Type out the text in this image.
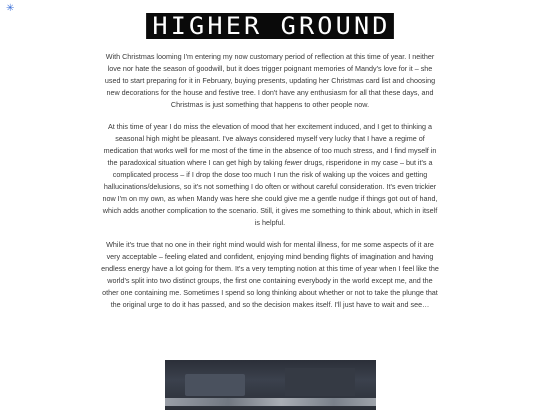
✳
HIGHER GROUND

With Christmas looming I'm entering my now customary period of reflection at this time of year. I neither love nor hate the season of goodwill, but it does trigger poignant memories of Mandy's love for it – she used to start preparing for it in February, buying presents, updating her Christmas card list and choosing new decorations for the house and festive tree. I don't have any enthusiasm for all that these days, and Christmas is just something that happens to other people now.

At this time of year I do miss the elevation of mood that her excitement induced, and I get to thinking a seasonal high might be pleasant. I've always considered myself very lucky that I have a regime of medication that works well for me most of the time in the absence of too much stress, and I find myself in the paradoxical situation where I can get high by taking fewer drugs, risperidone in my case – but it's a complicated process – if I drop the dose too much I run the risk of waking up the voices and getting hallucinations/delusions, so it's not something I do often or without careful consideration. It's even trickier now I'm on my own, as when Mandy was here she could give me a gentle nudge if things got out of hand, which adds another complication to the scenario. Still, it gives me something to think about, which in itself is helpful.

While it's true that no one in their right mind would wish for mental illness, for me some aspects of it are very acceptable – feeling elated and confident, enjoying mind bending flights of imagination and having endless energy have a lot going for them. It's a very tempting notion at this time of year when I feel like the world's split into two distinct groups, the first one containing everybody in the world except me, and the other one containing me. Sometimes I spend so long thinking about whether or not to take the plunge that the original urge to do it has passed, and so the decision makes itself. I'll just have to wait and see…
